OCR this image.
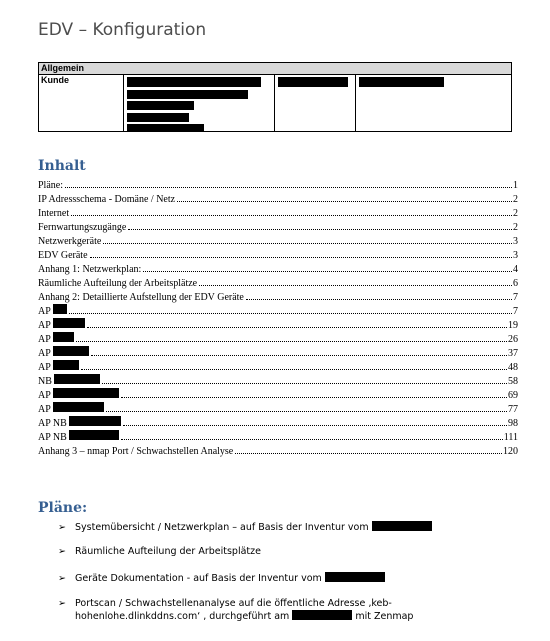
EDV – Konfiguration
Allgemein
Kunde
Inhalt
Pläne:	1
IP Adressschema - Domäne / Netz	2
Internet	2
Fernwartungszugänge	2
Netzwerkgeräte	3
EDV Geräte	3
Anhang 1: Netzwerkplan:	4
Räumliche Aufteilung der Arbeitsplätze	6
Anhang 2: Detaillierte Aufstellung der EDV Geräte	7
AP	7
AP	19
AP	26
AP	37
AP	48
NB	58
AP	69
AP	77
AP NB	98
AP NB	111
Anhang 3 – nmap Port / Schwachstellen Analyse	120
Pläne:
➢ Systemübersicht / Netzwerkplan – auf Basis der Inventur vom
➢ Räumliche Aufteilung der Arbeitsplätze
➢ Geräte Dokumentation - auf Basis der Inventur vom
➢ Portscan / Schwachstellenanalyse auf die öffentliche Adresse ‚keb-
hohenlohe.dlinkddns.com‘ , durchgeführt am	mit Zenmap
